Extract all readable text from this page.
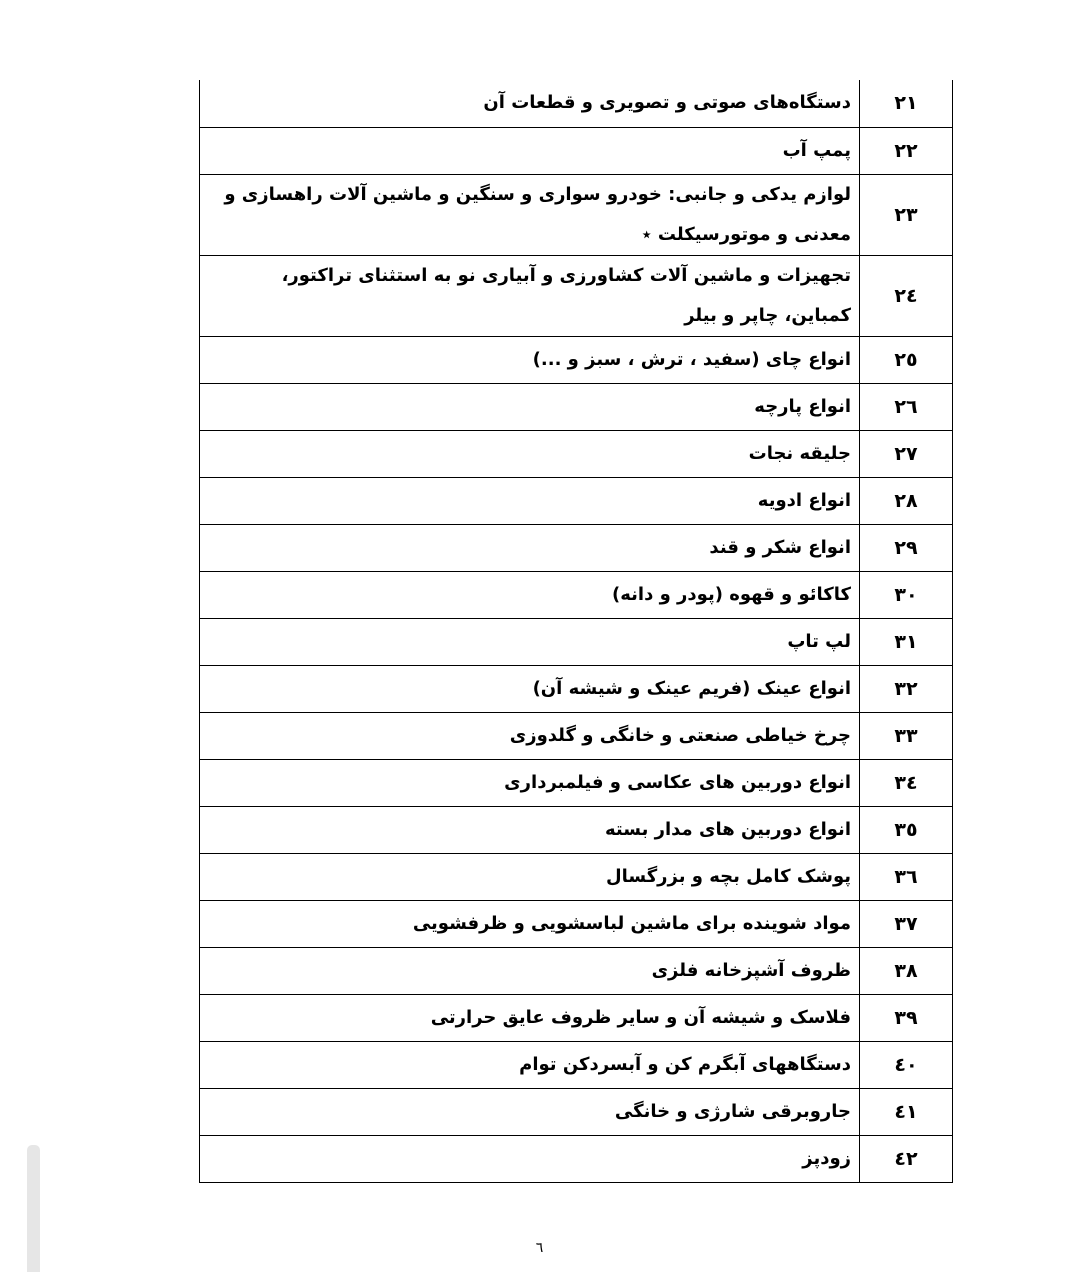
۲۱	دستگاه‌های صوتی و تصویری و قطعات آن
۲۲	پمپ آب
۲۳	لوازم یدکی و جانبی: خودرو سواری و سنگین و ماشین آلات راهسازی و معدنی و موتورسیکلت ٭
۲٤	تجهیزات و ماشین آلات کشاورزی و آبیاری نو به استثنای تراکتور، کمباین، چاپر و بیلر
۲٥	انواع چای (سفید ، ترش ، سبز و ...)
۲٦	انواع پارچه
۲۷	جلیقه نجات
۲۸	انواع ادویه
۲۹	انواع شکر و قند
۳۰	کاکائو و قهوه (پودر و دانه)
۳۱	لپ تاپ
۳۲	انواع عینک (فریم عینک و شیشه آن)
۳۳	چرخ خیاطی صنعتی و خانگی و گلدوزی
۳٤	انواع دوربین های عکاسی و فیلمبرداری
۳٥	انواع دوربین های مدار بسته
۳٦	پوشک کامل بچه و بزرگسال
۳۷	مواد شوینده برای ماشین لباسشویی و ظرفشویی
۳۸	ظروف آشپزخانه فلزی
۳۹	فلاسک و شیشه آن و سایر ظروف عایق حرارتی
٤۰	دستگاههای آبگرم کن و آبسردکن توام
٤۱	جاروبرقی شارژی و خانگی
٤۲	زودپز
٦
